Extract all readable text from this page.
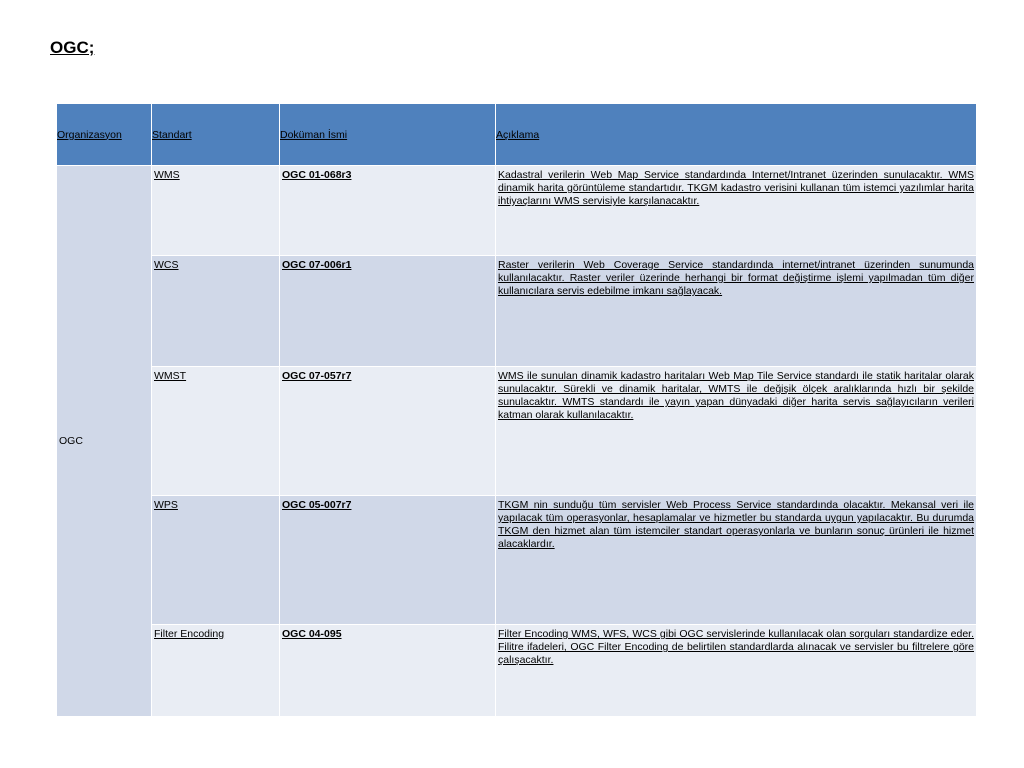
OGC;
Organizasyon	Standart	Doküman İsmi	Açıklama
OGC	WMS	OGC 01-068r3	Kadastral verilerin Web Map Service standardında Internet/Intranet üzerinden sunulacaktır. WMS dinamik harita görüntüleme standartıdır. TKGM kadastro verisini kullanan tüm istemci yazılımlar harita ihtiyaçlarını WMS servisiyle karşılanacaktır.
	WCS	OGC 07-006r1	Raster verilerin Web Coverage Service standardında internet/intranet üzerinden sunumunda kullanılacaktır. Raster veriler üzerinde herhangi bir format değiştirme işlemi yapılmadan tüm diğer kullanıcılara servis edebilme imkanı sağlayacak.
	WMST	OGC 07-057r7	WMS ile sunulan dinamik kadastro haritaları Web Map Tile Service standardı ile statik haritalar olarak sunulacaktır. Sürekli ve dinamik haritalar, WMTS ile değişik ölçek aralıklarında hızlı bir şekilde sunulacaktır. WMTS standardı ile yayın yapan dünyadaki diğer harita servis sağlayıcıların verileri katman olarak kullanılacaktır.
	WPS	OGC 05-007r7	TKGM nin sunduğu tüm servisler Web Process Service standardında olacaktır. Mekansal veri ile yapılacak tüm operasyonlar, hesaplamalar ve hizmetler bu standarda uygun yapılacaktır. Bu durumda TKGM den hizmet alan tüm istemciler standart operasyonlarla ve bunların sonuç ürünleri ile hizmet alacaklardır.
	Filter Encoding	OGC 04-095	Filter Encoding WMS, WFS, WCS gibi OGC servislerinde kullanılacak olan sorguları standardize eder. Filitre ifadeleri, OGC Filter Encoding de belirtilen standardlarda alınacak ve servisler bu filtrelere göre çalışacaktır.
